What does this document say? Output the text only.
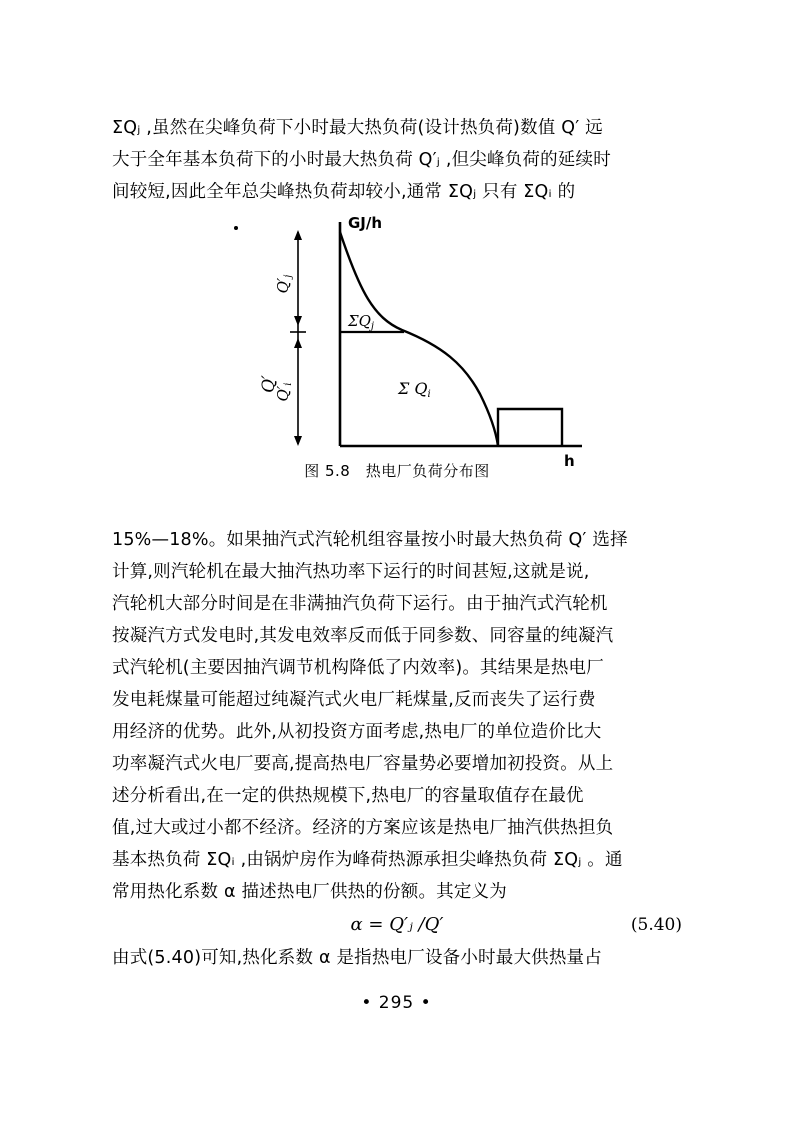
ΣQⱼ ,虽然在尖峰负荷下小时最大热负荷(设计热负荷)数值 Q′ 远
大于全年基本负荷下的小时最大热负荷 Q′ⱼ ,但尖峰负荷的延续时
间较短,因此全年总尖峰热负荷却较小,通常 ΣQⱼ 只有 ΣQᵢ 的
GJ/h
h
$Q'_j$
Q′
$Q'_i$
$\Sigma Q_j$
Σ Qi
图 5.8　热电厂负荷分布图
15%—18%。如果抽汽式汽轮机组容量按小时最大热负荷 Q′ 选择
计算,则汽轮机在最大抽汽热功率下运行的时间甚短,这就是说,
汽轮机大部分时间是在非满抽汽负荷下运行。由于抽汽式汽轮机
按凝汽方式发电时,其发电效率反而低于同参数、同容量的纯凝汽
式汽轮机(主要因抽汽调节机构降低了内效率)。其结果是热电厂
发电耗煤量可能超过纯凝汽式火电厂耗煤量,反而丧失了运行费
用经济的优势。此外,从初投资方面考虑,热电厂的单位造价比大
功率凝汽式火电厂要高,提高热电厂容量势必要增加初投资。从上
述分析看出,在一定的供热规模下,热电厂的容量取值存在最优
值,过大或过小都不经济。经济的方案应该是热电厂抽汽供热担负
基本热负荷 ΣQᵢ ,由锅炉房作为峰荷热源承担尖峰热负荷 ΣQⱼ 。通
常用热化系数 α 描述热电厂供热的份额。其定义为
α = Q′ⱼ /Q′	(5.40)
由式(5.40)可知,热化系数 α 是指热电厂设备小时最大供热量占
• 295 •
